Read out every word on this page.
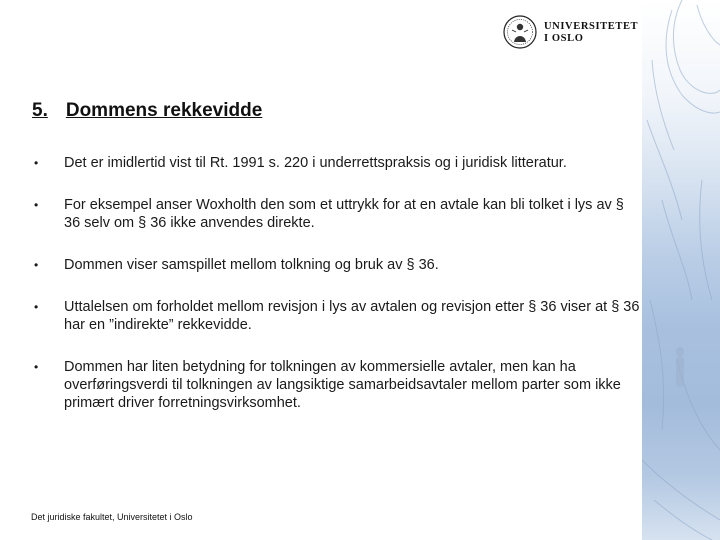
UNIVERSITETET
I OSLO
5. Dommens rekkevidde
• Det er imidlertid vist til Rt. 1991 s. 220 i underrettspraksis og i juridisk litteratur.
• For eksempel anser Woxholth den som et uttrykk for at en avtale kan bli tolket i lys av § 36 selv om § 36 ikke anvendes direkte.
• Dommen viser samspillet mellom tolkning og bruk av § 36.
• Uttalelsen om forholdet mellom revisjon i lys av avtalen og revisjon etter § 36 viser at § 36 har en ”indirekte” rekkevidde.
• Dommen har liten betydning for tolkningen av kommersielle avtaler, men kan ha overføringsverdi til tolkningen av langsiktige samarbeidsavtaler mellom parter som ikke primært driver forretningsvirksomhet.
Det juridiske fakultet, Universitetet i Oslo
